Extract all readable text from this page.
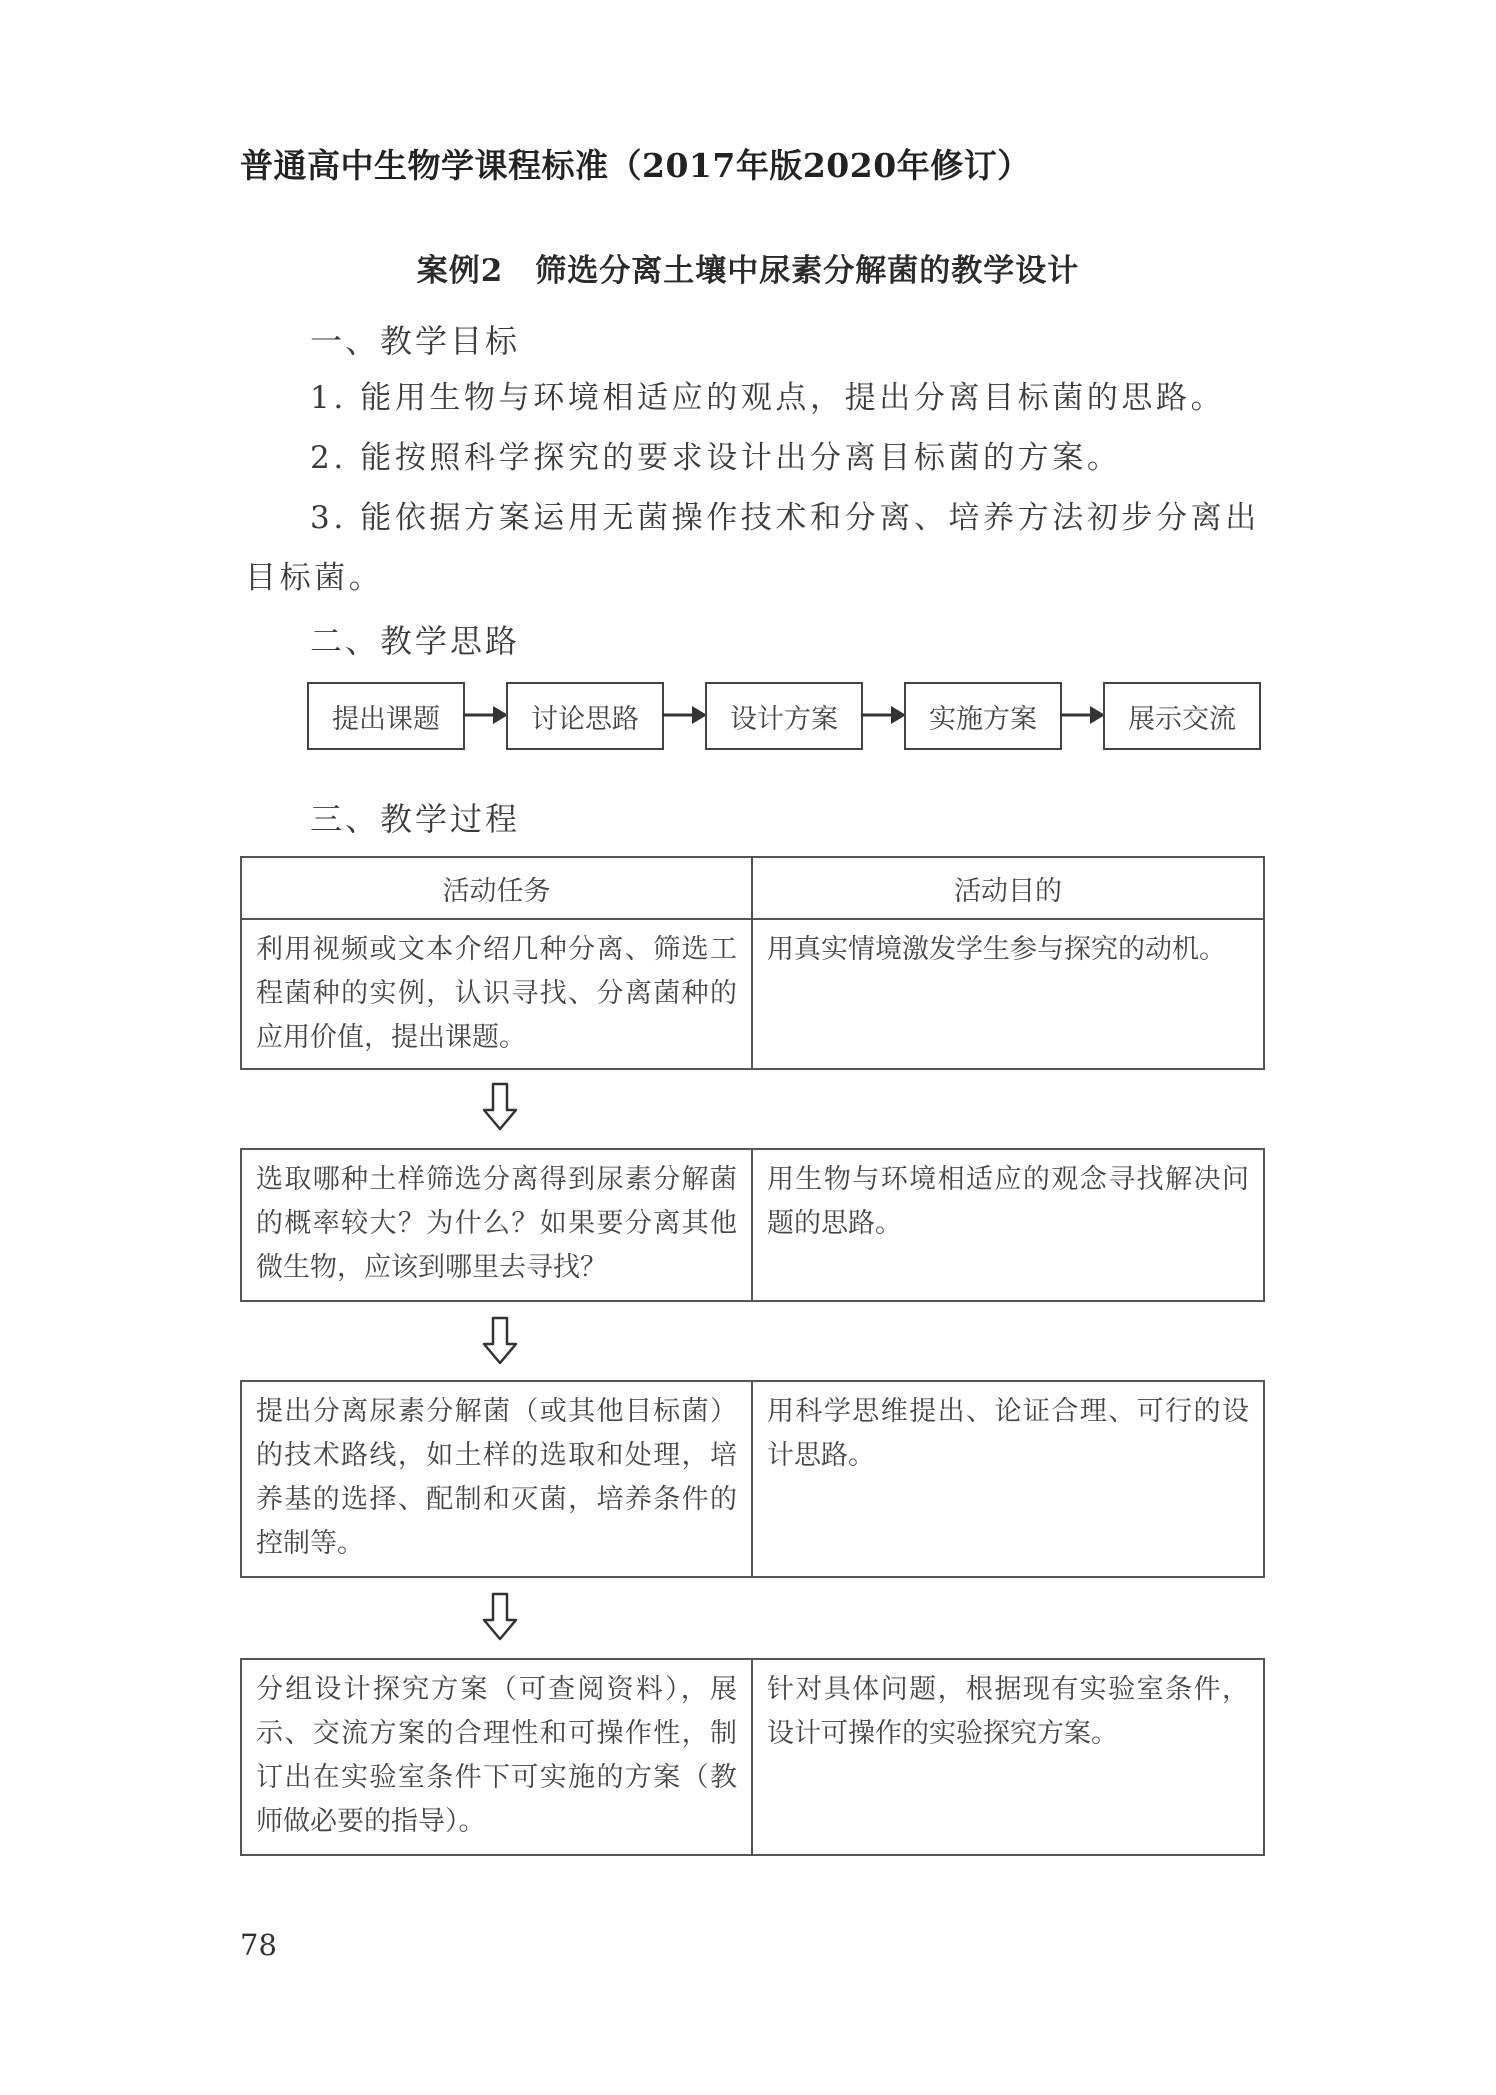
普通高中生物学课程标准（2017年版2020年修订）
案例2　筛选分离土壤中尿素分解菌的教学设计
一、教学目标

1. 能用生物与环境相适应的观点，提出分离目标菌的思路。

2. 能按照科学探究的要求设计出分离目标菌的方案。

3. 能依据方案运用无菌操作技术和分离、培养方法初步分离出目标菌。

二、教学思路
提出课题	讨论思路	设计方案	实施方案	展示交流
三、教学过程
活动任务	活动目的
利用视频或文本介绍几种分离、筛选工程菌种的实例，认识寻找、分离菌种的应用价值，提出课题。	用真实情境激发学生参与探究的动机。
选取哪种土样筛选分离得到尿素分解菌的概率较大？为什么？如果要分离其他微生物，应该到哪里去寻找？	用生物与环境相适应的观念寻找解决问题的思路。
提出分离尿素分解菌（或其他目标菌）的技术路线，如土样的选取和处理，培养基的选择、配制和灭菌，培养条件的控制等。	用科学思维提出、论证合理、可行的设计思路。
分组设计探究方案（可查阅资料），展示、交流方案的合理性和可操作性，制订出在实验室条件下可实施的方案（教师做必要的指导）。	针对具体问题，根据现有实验室条件，设计可操作的实验探究方案。
78
